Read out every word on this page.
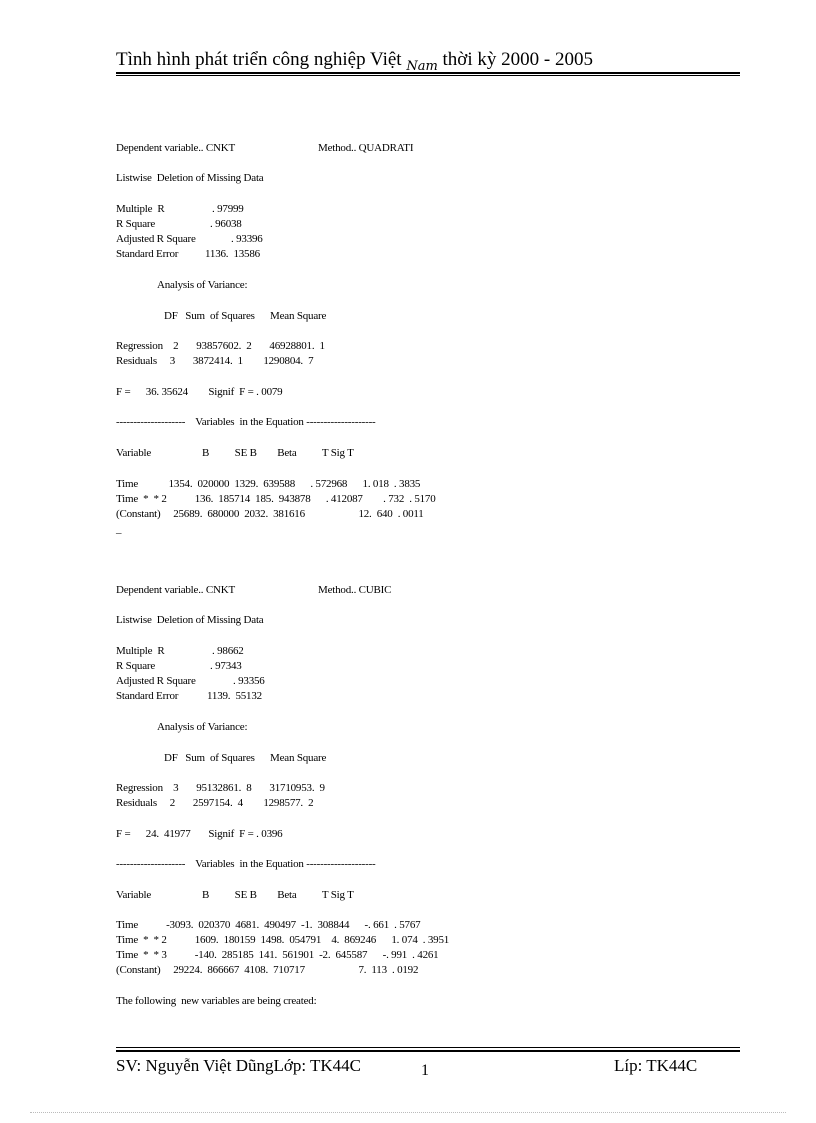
Tình hình phát triển công nghiệp Việt $_{Nam}$ thời kỳ 2000 - 2005
Dependent variable.. CNKT	Method.. QUADRATI
Listwise  Deletion of Missing Data
Multiple  R	. 97999
R Square	. 96038
Adjusted R Square	. 93396
Standard Error 1136.  13586
Analysis of Variance:
DF   Sum  of Squares      Mean Square
Regression    2       93857602.  2       46928801.  1
Residuals     3       3872414.  1        1290804.  7
F =      36. 35624        Signif  F = . 0079
--------------------    Variables  in the Equation --------------------
Variable                    B          SE B        Beta          T Sig T
Time            1354.  020000  1329.  639588      . 572968      1. 018  . 3835
Time  *  * 2           136.  185714  185.  943878      . 412087        . 732  . 5170
(Constant)     25689.  680000  2032.  381616                     12.  640  . 0011
_
Dependent variable.. CNKT	Method.. CUBIC
Listwise  Deletion of Missing Data
Multiple  R	. 98662
R Square	. 97343
Adjusted R Square	. 93356
Standard Error	1139.  55132
Analysis of Variance:
DF   Sum  of Squares      Mean Square
Regression    3       95132861.  8       31710953.  9
Residuals     2       2597154.  4        1298577.  2
F =      24.  41977       Signif  F = . 0396
--------------------    Variables  in the Equation --------------------
Variable                    B          SE B        Beta          T Sig T
Time           -3093.  020370  4681.  490497  -1.  308844      -. 661  . 5767
Time  *  * 2           1609.  180159  1498.  054791    4.  869246      1. 074  . 3951
Time  *  * 3           -140.  285185  141.  561901  -2.  645587      -. 991  . 4261
(Constant)     29224.  866667  4108.  710717                     7.  113  . 0192
The following  new variables are being created:
SV: Nguyễn Việt DũngLớp: TK44C	1	Líp: TK44C
